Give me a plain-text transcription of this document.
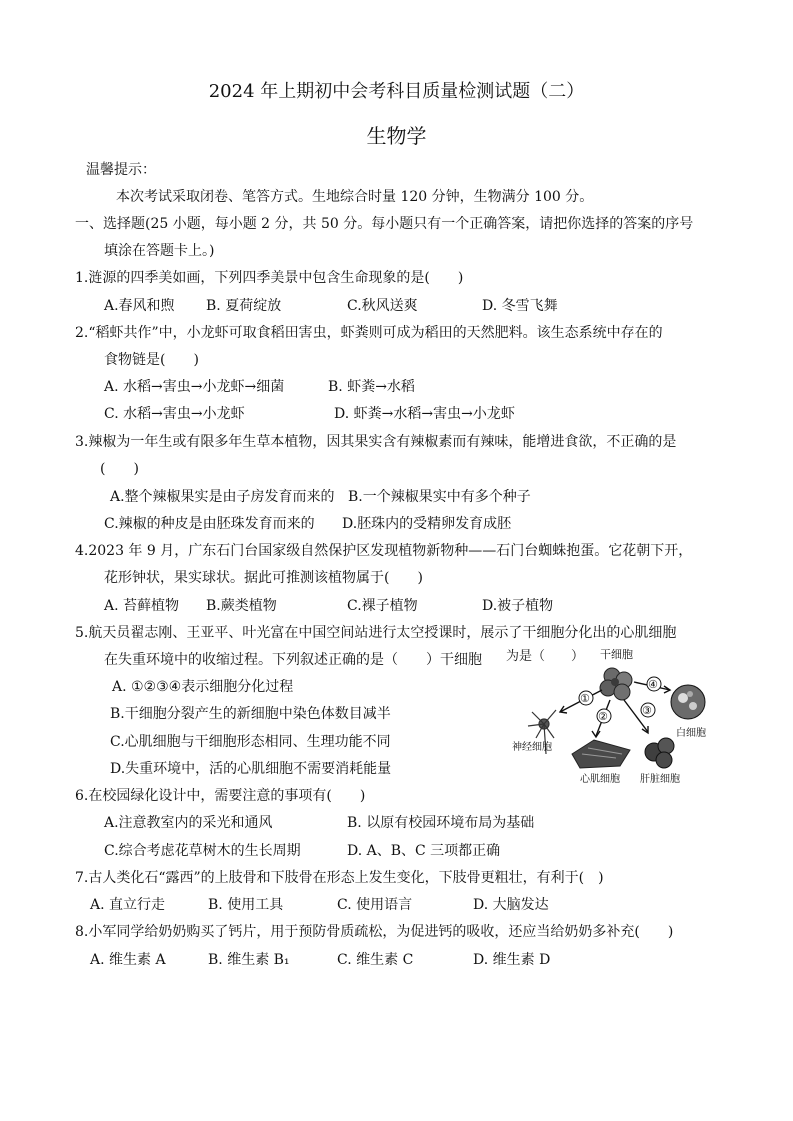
2024 年上期初中会考科目质量检测试题（二）
生物学
温馨提示：
本次考试采取闭卷、笔答方式。生地综合时量 120 分钟，生物满分 100 分。
一、选择题(25 小题，每小题 2 分，共 50 分。每小题只有一个正确答案，请把你选择的答案的序号
填涂在答题卡上。)
1.涟源的四季美如画，下列四季美景中包含生命现象的是(　　)
A.春风和煦 B. 夏荷绽放	C.秋风送爽	D. 冬雪飞舞
2.“稻虾共作”中，小龙虾可取食稻田害虫，虾粪则可成为稻田的天然肥料。该生态系统中存在的
食物链是(　　)
A. 水稻→害虫→小龙虾→细菌	B. 虾粪→水稻
C. 水稻→害虫→小龙虾	D. 虾粪→水稻→害虫→小龙虾
3.辣椒为一年生或有限多年生草本植物，因其果实含有辣椒素而有辣味，能增进食欲，不正确的是
(　　)
A.整个辣椒果实是由子房发育而来的 B.一个辣椒果实中有多个种子
C.辣椒的种皮是由胚珠发育而来的 D.胚珠内的受精卵发育成胚
4.2023 年 9 月，广东石门台国家级自然保护区发现植物新物种——石门台蜘蛛抱蛋。它花朝下开，
花形钟状，果实球状。据此可推测该植物属于(　　)
A. 苔藓植物 B.蕨类植物	C.裸子植物	D.被子植物
5.航天员翟志刚、王亚平、叶光富在中国空间站进行太空授课时，展示了干细胞分化出的心肌细胞
在失重环境中的收缩过程。下列叙述正确的是（　　）干细胞
A. ①②③④表示细胞分化过程
B.干细胞分裂产生的新细胞中染色体数目减半
C.心肌细胞与干细胞形态相同、生理功能不同
D.失重环境中，活的心肌细胞不需要消耗能量
为是（　　） 干细胞
①
②	③
④
神经细胞
心肌细胞 肝脏细胞
白细胞
6.在校园绿化设计中，需要注意的事项有(　　)
A.注意教室内的采光和通风	B. 以原有校园环境布局为基础
C.综合考虑花草树木的生长周期	D. A、B、C 三项都正确
7.古人类化石“露西”的上肢骨和下肢骨在形态上发生变化，下肢骨更粗壮，有利于(　)
A. 直立行走	B. 使用工具	C. 使用语言	D. 大脑发达
8.小军同学给奶奶购买了钙片，用于预防骨质疏松，为促进钙的吸收，还应当给奶奶多补充(　　)
A. 维生素 A	B. 维生素 B₁	C. 维生素 C	D. 维生素 D
